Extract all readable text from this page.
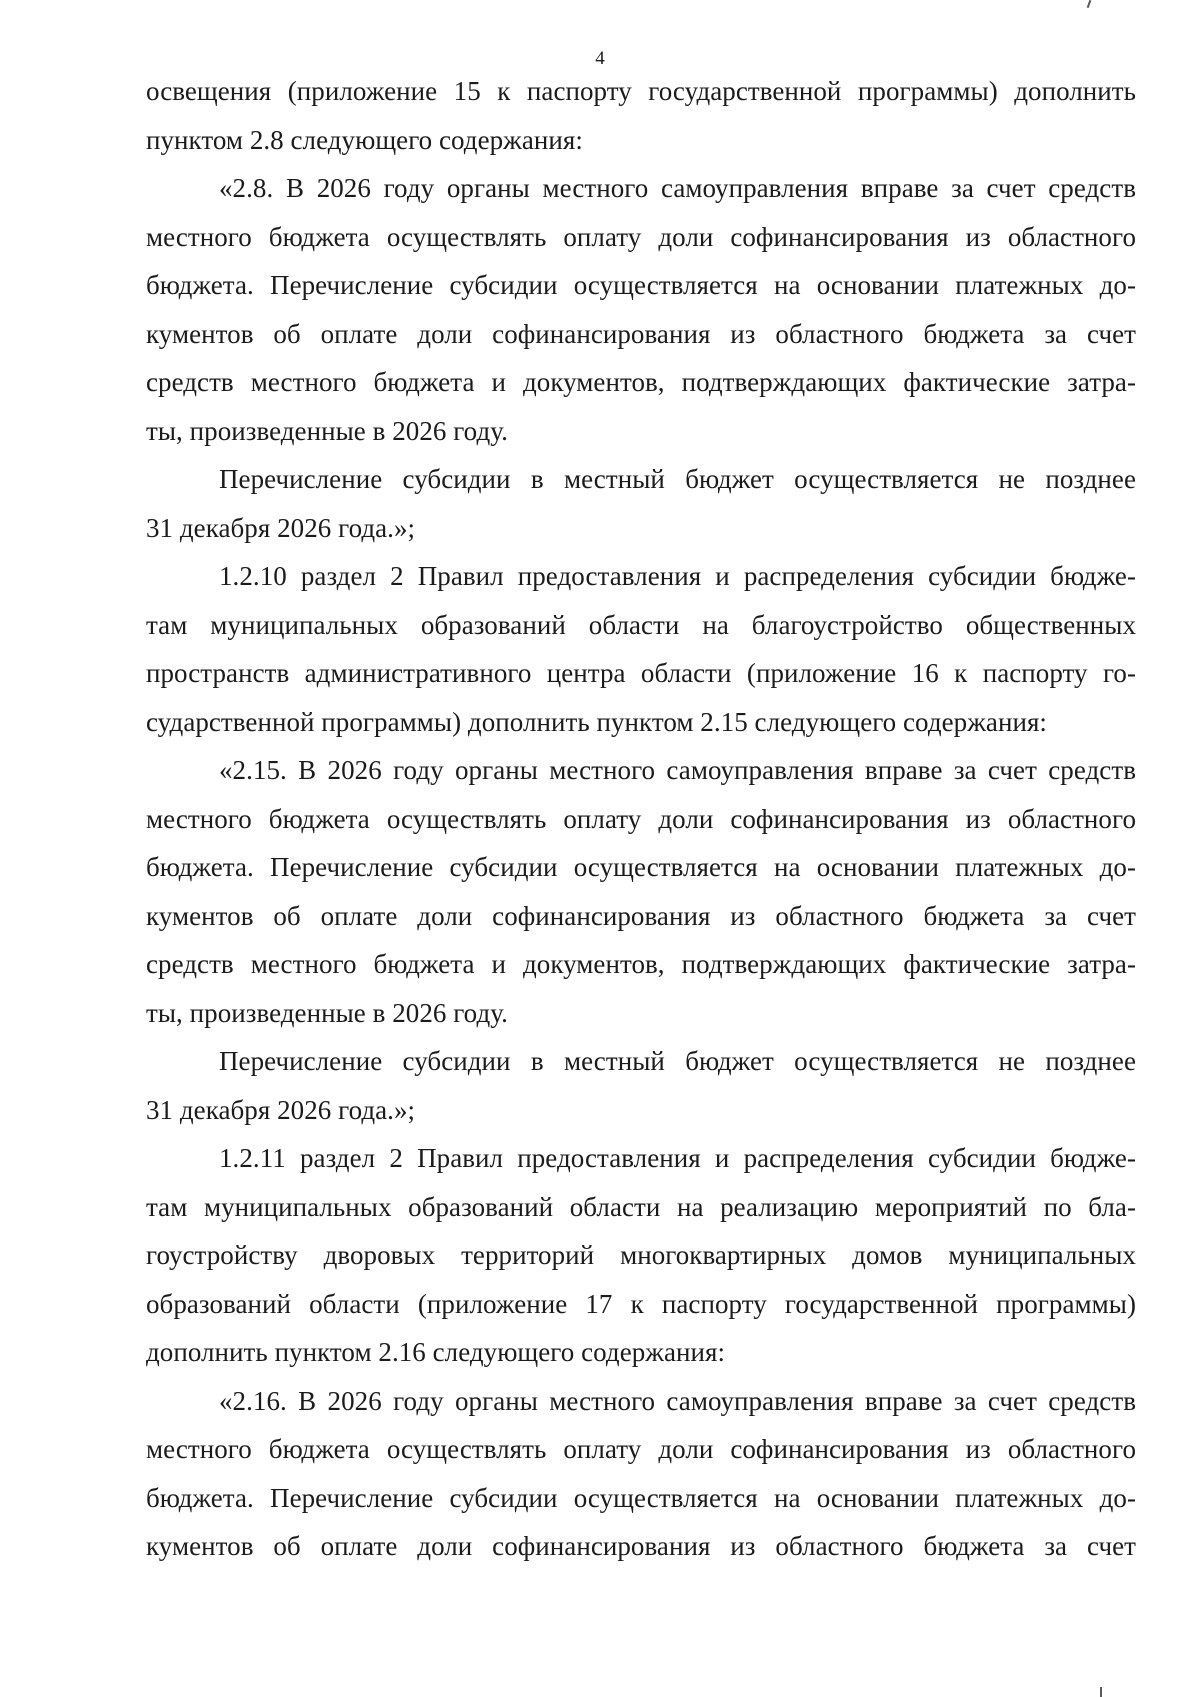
4
освещения (приложение 15 к паспорту государственной программы) дополнить
пунктом 2.8 следующего содержания:
«2.8. В 2026 году органы местного самоуправления вправе за счет средств
местного бюджета осуществлять оплату доли софинансирования из областного
бюджета. Перечисление субсидии осуществляется на основании платежных до-
кументов об оплате доли софинансирования из областного бюджета за счет
средств местного бюджета и документов, подтверждающих фактические затра-
ты, произведенные в 2026 году.
Перечисление субсидии в местный бюджет осуществляется не позднее
31 декабря 2026 года.»;
1.2.10 раздел 2 Правил предоставления и распределения субсидии бюдже-
там муниципальных образований области на благоустройство общественных
пространств административного центра области (приложение 16 к паспорту го-
сударственной программы) дополнить пунктом 2.15 следующего содержания:
«2.15. В 2026 году органы местного самоуправления вправе за счет средств
местного бюджета осуществлять оплату доли софинансирования из областного
бюджета. Перечисление субсидии осуществляется на основании платежных до-
кументов об оплате доли софинансирования из областного бюджета за счет
средств местного бюджета и документов, подтверждающих фактические затра-
ты, произведенные в 2026 году.
Перечисление субсидии в местный бюджет осуществляется не позднее
31 декабря 2026 года.»;
1.2.11 раздел 2 Правил предоставления и распределения субсидии бюдже-
там муниципальных образований области на реализацию мероприятий по бла-
гоустройству дворовых территорий многоквартирных домов муниципальных
образований области (приложение 17 к паспорту государственной программы)
дополнить пунктом 2.16 следующего содержания:
«2.16. В 2026 году органы местного самоуправления вправе за счет средств
местного бюджета осуществлять оплату доли софинансирования из областного
бюджета. Перечисление субсидии осуществляется на основании платежных до-
кументов об оплате доли софинансирования из областного бюджета за счет
